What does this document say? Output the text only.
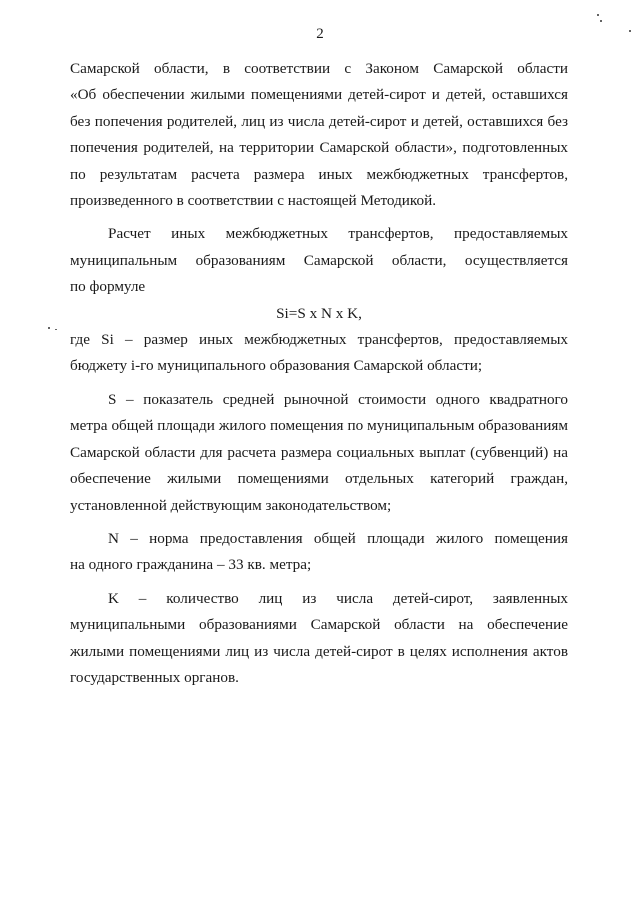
2
Самарской области, в соответствии с Законом Самарской области
«Об обеспечении жилыми помещениями детей-сирот и детей, оставшихся
без попечения родителей, лиц из числа детей-сирот и детей, оставшихся без
попечения родителей, на территории Самарской области», подготовленных
по результатам расчета размера иных межбюджетных трансфертов,
произведенного в соответствии с настоящей Методикой.
Расчет иных межбюджетных трансфертов, предоставляемых
муниципальным образованиям Самарской области, осуществляется
по формуле
Si=S x N x K,
где Si – размер иных межбюджетных трансфертов, предоставляемых
бюджету i-го муниципального образования Самарской области;
S – показатель средней рыночной стоимости одного квадратного
метра общей площади жилого помещения по муниципальным образованиям
Самарской области для расчета размера социальных выплат (субвенций) на
обеспечение жилыми помещениями отдельных категорий граждан,
установленной действующим законодательством;
N – норма предоставления общей площади жилого помещения
на одного гражданина – 33 кв. метра;
K – количество лиц из числа детей-сирот, заявленных
муниципальными образованиями Самарской области на обеспечение
жилыми помещениями лиц из числа детей-сирот в целях исполнения актов
государственных органов.
